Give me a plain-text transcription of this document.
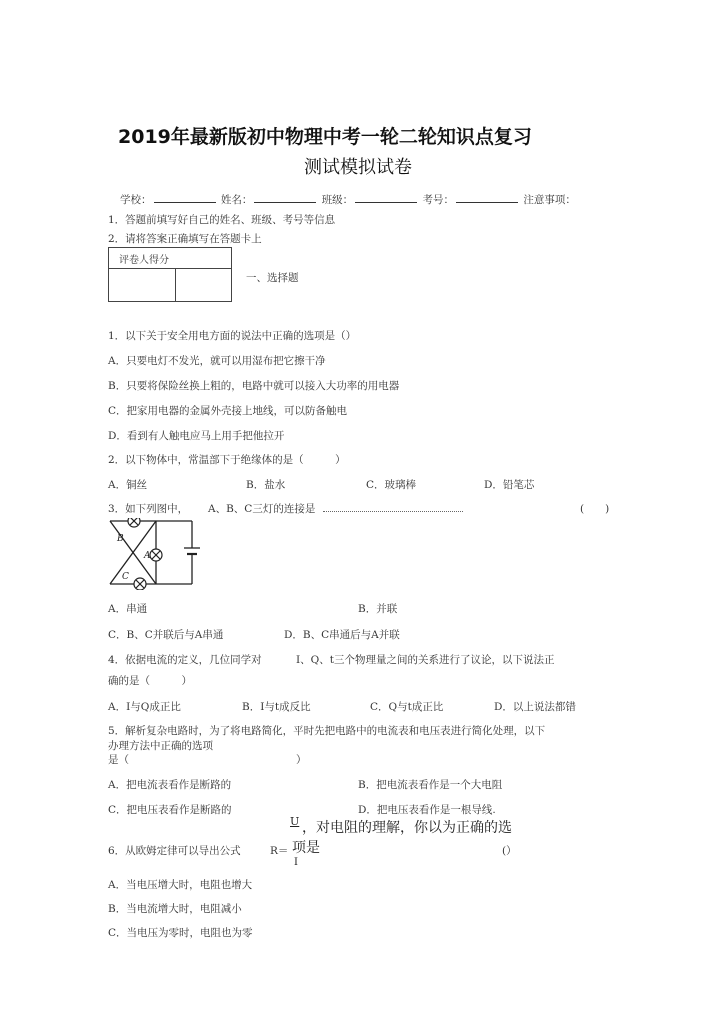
2019年最新版初中物理中考一轮二轮知识点复习
测试模拟试卷
学校：	姓名：	班级：	考号：	注意事项：
1．答题前填写好自己的姓名、班级、考号等信息
2．请将答案正确填写在答题卡上
评卷人得分

一、选择题
1．以下关于安全用电方面的说法中正确的选项是（）
A．只要电灯不发光，就可以用湿布把它擦干净
B．只要将保险丝换上粗的，电路中就可以接入大功率的用电器
C．把家用电器的金属外壳接上地线，可以防备触电
D．看到有人触电应马上用手把他拉开
2．以下物体中，常温部下于绝缘体的是（　　　）
A．铜丝	B．盐水	C．玻璃棒	D．铅笔芯
3．如下列图中， A、B、C三灯的连接是	(　　)
B
A
C
A．串通	B．并联
C．B、C并联后与A串通	D．B、C串通后与A并联
4．依据电流的定义，几位同学对	I、Q、t三个物理量之间的关系进行了议论，以下说法正
确的是（　　　）
A．I与Q成正比	B．I与t成反比	C．Q与t成正比	D．以上说法都错
5．解析复杂电路时，为了将电路简化，平时先把电路中的电流表和电压表进行简化处理，以下办理方法中正确的选项
是（	）
A．把电流表看作是断路的	B．把电流表看作是一个大电阻
C．把电压表看作是断路的	D．把电压表看作是一根导线.
U ，对电阻的理解，你以为正确的选
6．从欧姆定律可以导出公式	R＝ 项是
I
(）
A．当电压增大时，电阻也增大
B．当电流增大时，电阻减小
C．当电压为零时，电阻也为零
